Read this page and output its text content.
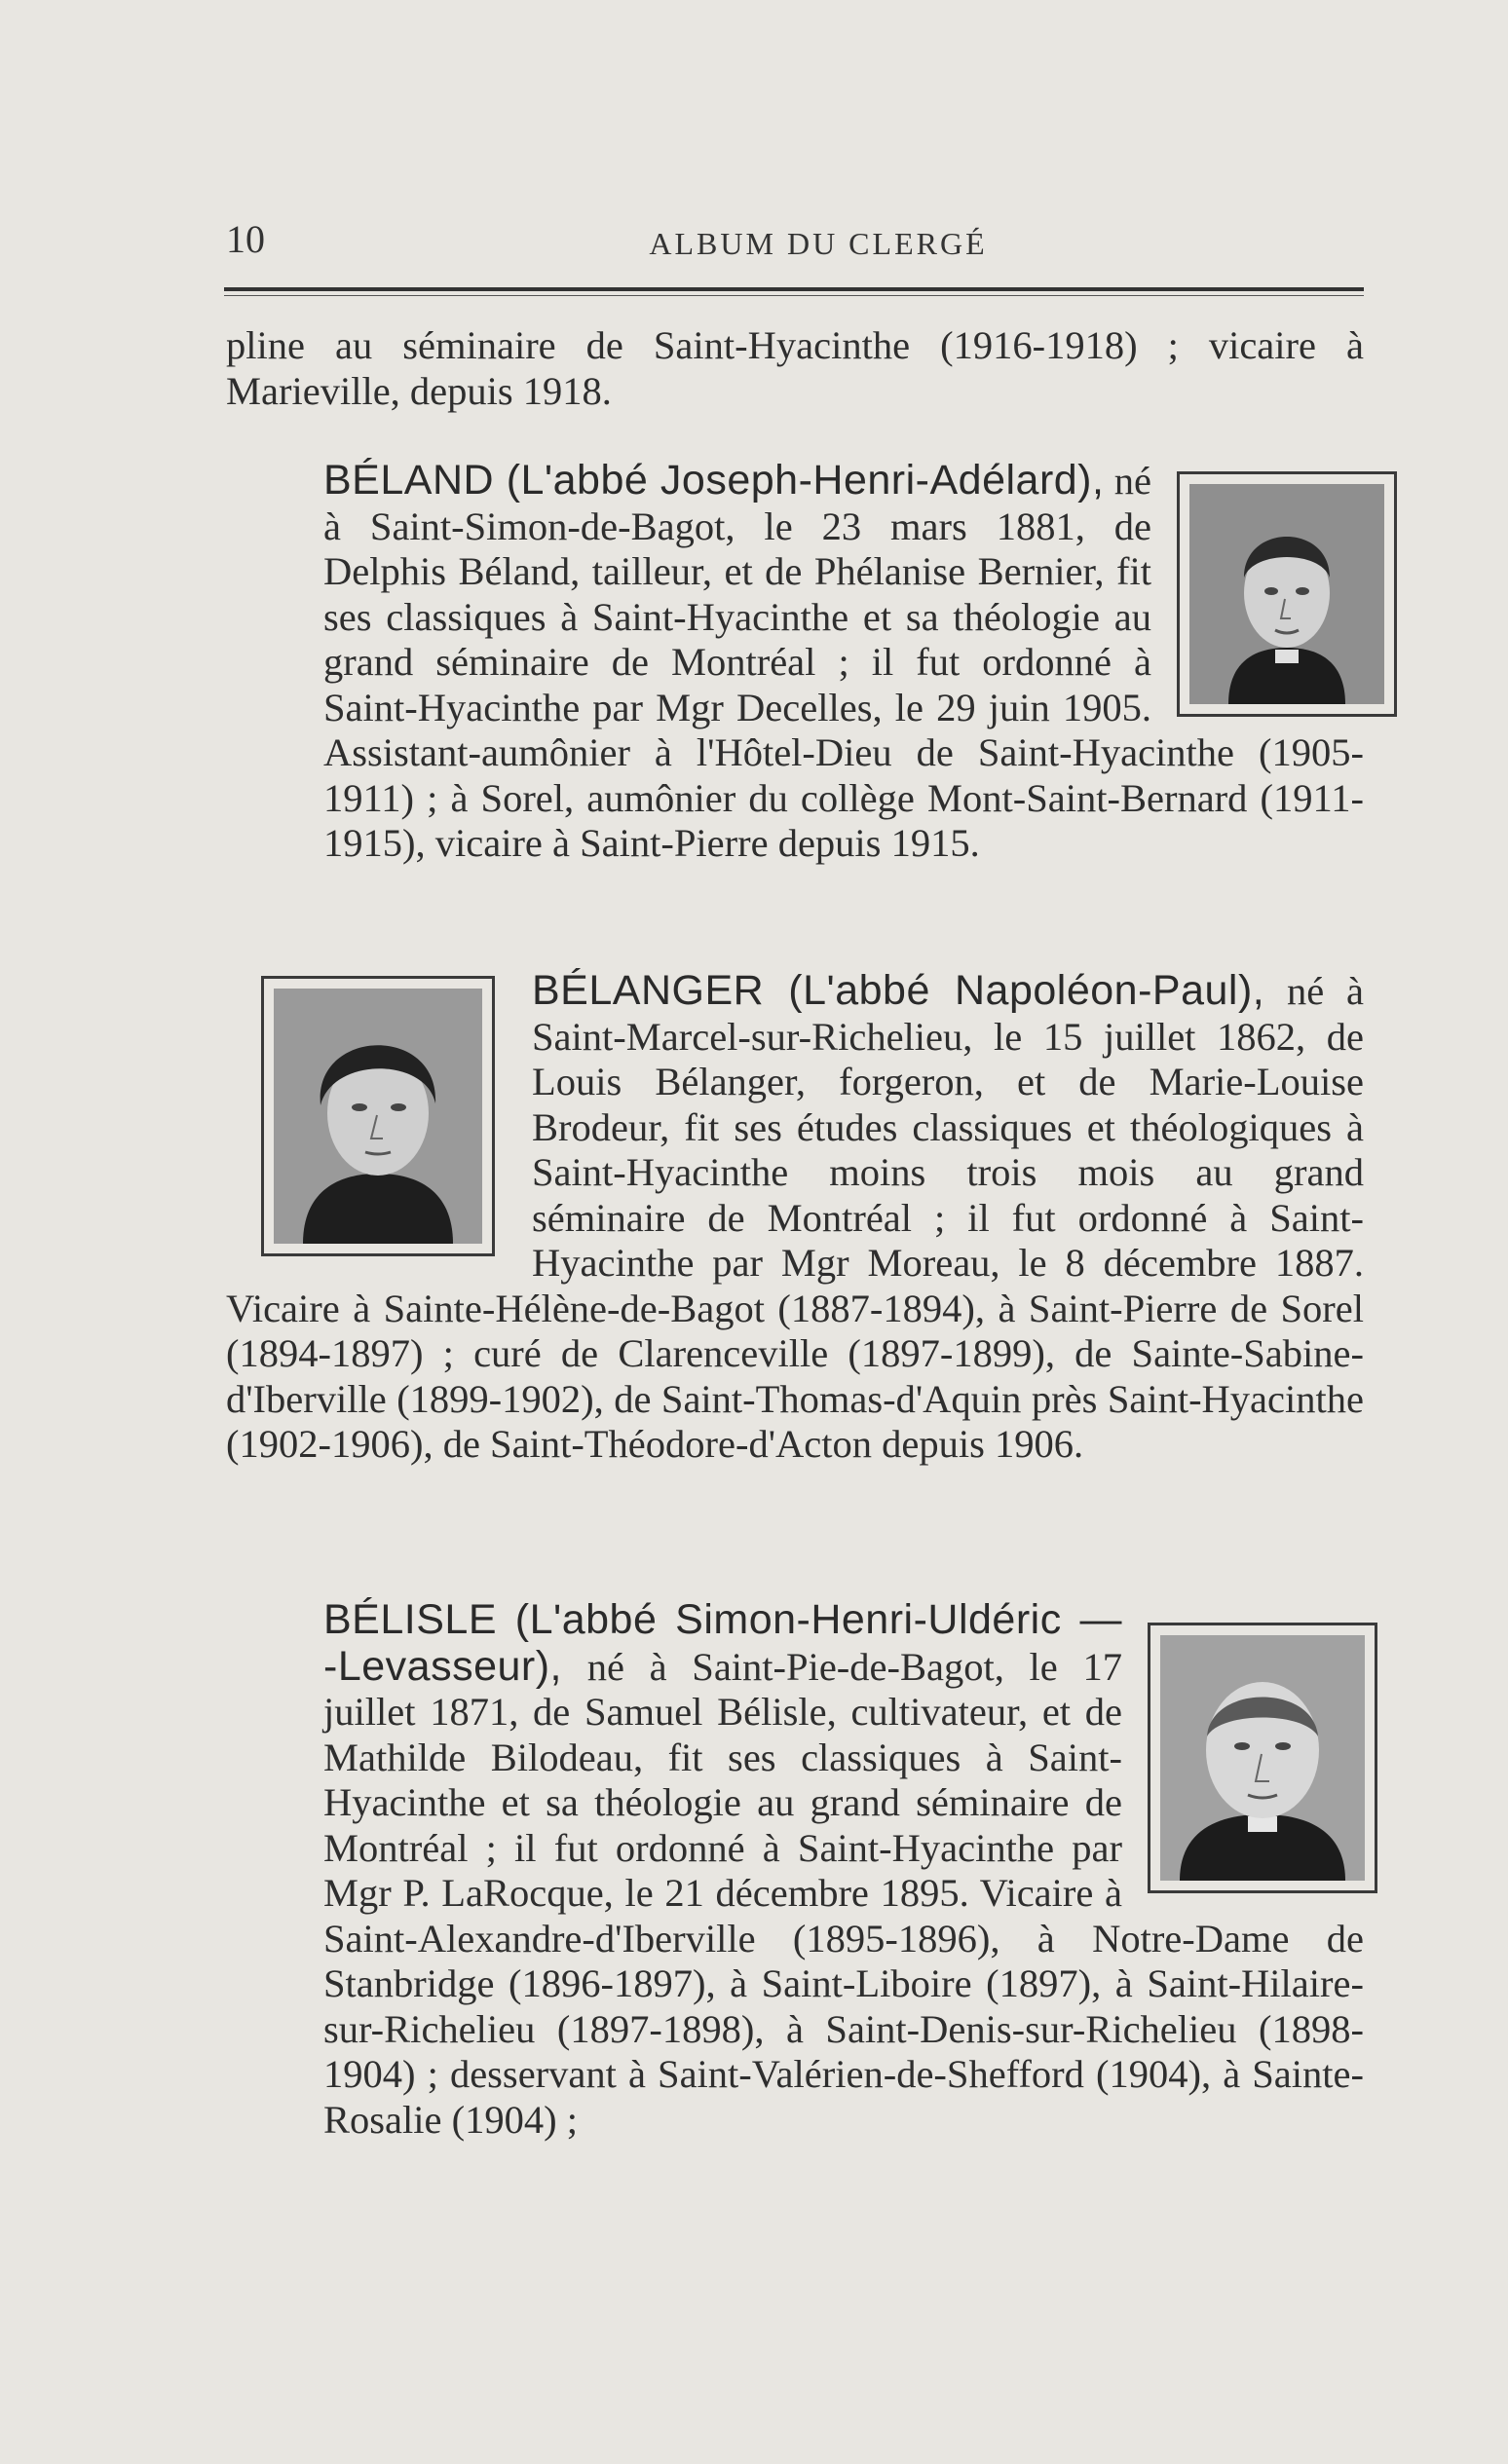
10	ALBUM DU CLERGÉ

pline au séminaire de Saint-Hyacinthe (1916-1918) ; vicaire à Marieville, depuis 1918.

BÉLAND (L'abbé Joseph-Henri-Adélard), né à Saint-Simon-de-Bagot, le 23 mars 1881, de Delphis Béland, tailleur, et de Phélanise Bernier, fit ses classiques à Saint-Hyacinthe et sa théologie au grand séminaire de Montréal ; il fut ordonné à Saint-Hyacinthe par Mgr Decelles, le 29 juin 1905. Assistant-aumônier à l'Hôtel-Dieu de Saint-Hyacinthe (1905-1911) ; à Sorel, aumônier du collège Mont-Saint-Bernard (1911-1915), vicaire à Saint-Pierre depuis 1915.

BÉLANGER (L'abbé Napoléon-Paul), né à Saint-Marcel-sur-Richelieu, le 15 juillet 1862, de Louis Bélanger, forgeron, et de Marie-Louise Brodeur, fit ses études classiques et théologiques à Saint-Hyacinthe moins trois mois au grand séminaire de Montréal ; il fut ordonné à Saint-Hyacinthe par Mgr Moreau, le 8 décembre 1887. Vicaire à Sainte-Hélène-de-Bagot (1887-1894), à Saint-Pierre de Sorel (1894-1897) ; curé de Clarenceville (1897-1899), de Sainte-Sabine-d'Iberville (1899-1902), de Saint-Thomas-d'Aquin près Saint-Hyacinthe (1902-1906), de Saint-Théodore-d'Acton depuis 1906.

BÉLISLE (L'abbé Simon-Henri-Uldéric — -Levasseur), né à Saint-Pie-de-Bagot, le 17 juillet 1871, de Samuel Bélisle, cultivateur, et de Mathilde Bilodeau, fit ses classiques à Saint-Hyacinthe et sa théologie au grand séminaire de Montréal ; il fut ordonné à Saint-Hyacinthe par Mgr P. LaRocque, le 21 décembre 1895. Vicaire à Saint-Alexandre-d'Iberville (1895-1896), à Notre-Dame de Stanbridge (1896-1897), à Saint-Liboire (1897), à Saint-Hilaire-sur-Richelieu (1897-1898), à Saint-Denis-sur-Richelieu (1898-1904) ; desservant à Saint-Valérien-de-Shefford (1904), à Sainte-Rosalie (1904) ;
